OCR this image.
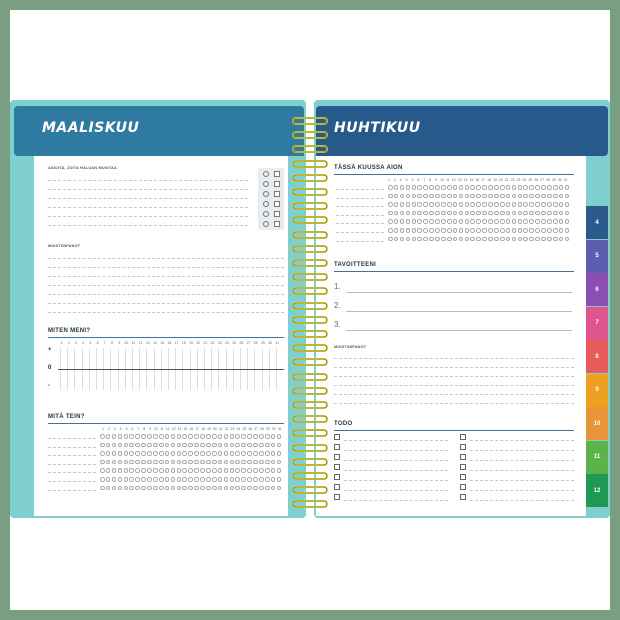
MAALISKUU	HUHTIKUU
ASIOITA, JOITA HALUAN MUISTAA
MUISTIINPANOT
MITEN MENI?
1	2	3	4	5	6	7	8	9	10	11	12	13	14	15	16	17	18	19	20	21	22	23	24	25	26	27	28	29	30	31
+
0
-
MITÄ TEIN?
1	2	3	4	5	6	7	8	9 10 11 12 13 14 15 16 17 18 19 20 21 22 23 24 25 26 27 28 29 30 31
TÄSSÄ KUUSSA AION
1	2	3	4	5	6	7	8	9 10 11 12 13 14 15 16 17 18 19 20 21 22 23 24 25 26 27 28 29 30 31
TAVOITTEENI
1.
2.
3.
MUISTIINPANOT
TODO
4
5
6
7
8
9
10
11
12
